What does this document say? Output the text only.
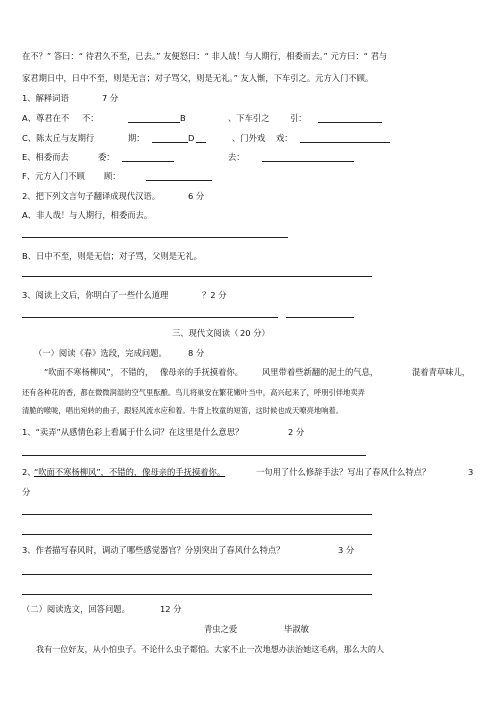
在不？” 答曰：“ 待君久不至，已去。” 友便怒曰：“ 非人哉！与人期行，相委而去。” 元方曰：“ 君与
家君期日中，日中不至，则是无言；对子骂父，则是无礼。” 友人惭，下车引之。元方入门不顾。
1、解释词语	7 分
A、尊君在不 不：	B	、下车引之 引：
C、陈太丘与友期行	期：	D	、门外戏 戏：
E、相委而去	委：	去：
F、元方入门不顾 顾：
2、把下列文言句子翻译成现代汉语。	6 分
A、非人哉！与人期行，相委而去。
B、日中不至，则是无信；对子骂，父则是无礼。
3、阅读上文后，你明白了一些什么道理	？2 分
三、现代文阅读（ 20 分）
（一）阅读《春》选段，完成问题。	8 分
“吹面不寒杨柳风”， 不错的， 像母亲的手抚摸着你。 风里带着些新翻的泥土的气息，	混着青草味儿，
还有各种花的香，都在微微润湿的空气里酝酿。鸟儿将巢安在繁花嫩叶当中，高兴起来了，呼朋引伴地卖弄
清脆的喉咙，唱出宛转的曲子，跟轻风流水应和着。牛背上牧童的短笛，这时候也成天嘹亮地响着。
1、“卖弄”从感情色彩上看属于什么词？在这里是什么意思？	2 分
2、
“吹面不寒杨柳风”，不错的，像母亲的手抚摸着你。	一句用了什么修辞手法？写出了春风什么特点？	3
分
3、作者描写春风时，调动了哪些感觉器官？分别突出了春风什么特点？	3 分
（二）阅读选文，回答问题。	12 分
青虫之爱	毕淑敏
我有一位好友，从小怕虫子。不论什么虫子都怕。大家不止一次地想办法治她这毛病，那么大的人
